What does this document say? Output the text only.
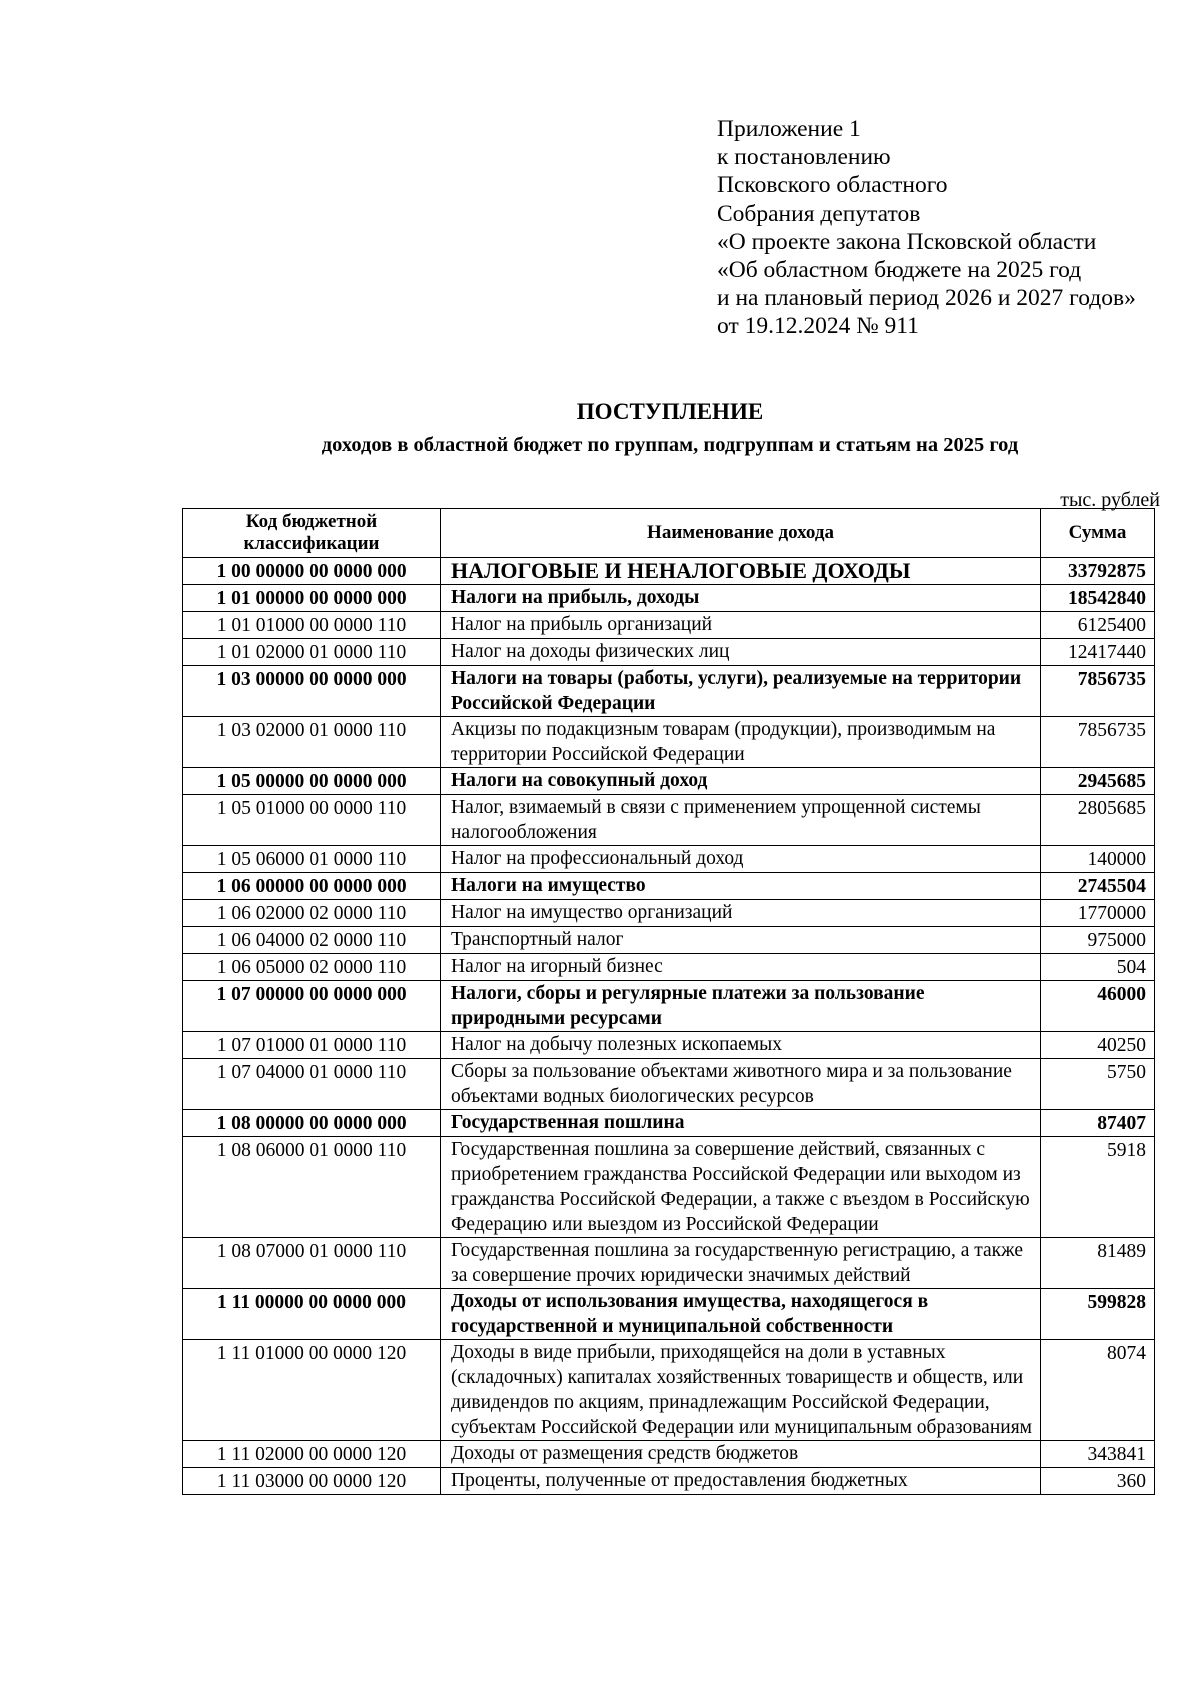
Приложение 1
к постановлению
Псковского областного
Собрания депутатов
«О проекте закона Псковской области
«Об областном бюджете на 2025 год
и на плановый период 2026 и 2027 годов»
от 19.12.2024 № 911
ПОСТУПЛЕНИЕ
доходов в областной бюджет по группам, подгруппам и статьям на 2025 год
тыс. рублей
Код бюджетной классификации	Наименование дохода	Сумма
1 00 00000 00 0000 000	НАЛОГОВЫЕ И НЕНАЛОГОВЫЕ ДОХОДЫ	33792875
1 01 00000 00 0000 000	Налоги на прибыль, доходы	18542840
1 01 01000 00 0000 110	Налог на прибыль организаций	6125400
1 01 02000 01 0000 110	Налог на доходы физических лиц	12417440
1 03 00000 00 0000 000	Налоги на товары (работы, услуги), реализуемые на территории Российской Федерации	7856735
1 03 02000 01 0000 110	Акцизы по подакцизным товарам (продукции), производимым на территории Российской Федерации	7856735
1 05 00000 00 0000 000	Налоги на совокупный доход	2945685
1 05 01000 00 0000 110	Налог, взимаемый в связи с применением упрощенной системы налогообложения	2805685
1 05 06000 01 0000 110	Налог на профессиональный доход	140000
1 06 00000 00 0000 000	Налоги на имущество	2745504
1 06 02000 02 0000 110	Налог на имущество организаций	1770000
1 06 04000 02 0000 110	Транспортный налог	975000
1 06 05000 02 0000 110	Налог на игорный бизнес	504
1 07 00000 00 0000 000	Налоги, сборы и регулярные платежи за пользование природными ресурсами	46000
1 07 01000 01 0000 110	Налог на добычу полезных ископаемых	40250
1 07 04000 01 0000 110	Сборы за пользование объектами животного мира и за пользование объектами водных биологических ресурсов	5750
1 08 00000 00 0000 000	Государственная пошлина	87407
1 08 06000 01 0000 110	Государственная пошлина за совершение действий, связанных с приобретением гражданства Российской Федерации или выходом из гражданства Российской Федерации, а также с въездом в Российскую Федерацию или выездом из Российской Федерации	5918
1 08 07000 01 0000 110	Государственная пошлина за государственную регистрацию, а также за совершение прочих юридически значимых действий	81489
1 11 00000 00 0000 000	Доходы от использования имущества, находящегося в государственной и муниципальной собственности	599828
1 11 01000 00 0000 120	Доходы в виде прибыли, приходящейся на доли в уставных (складочных) капиталах хозяйственных товариществ и обществ, или дивидендов по акциям, принадлежащим Российской Федерации, субъектам Российской Федерации или муниципальным образованиям	8074
1 11 02000 00 0000 120	Доходы от размещения средств бюджетов	343841
1 11 03000 00 0000 120	Проценты, полученные от предоставления бюджетных	360
